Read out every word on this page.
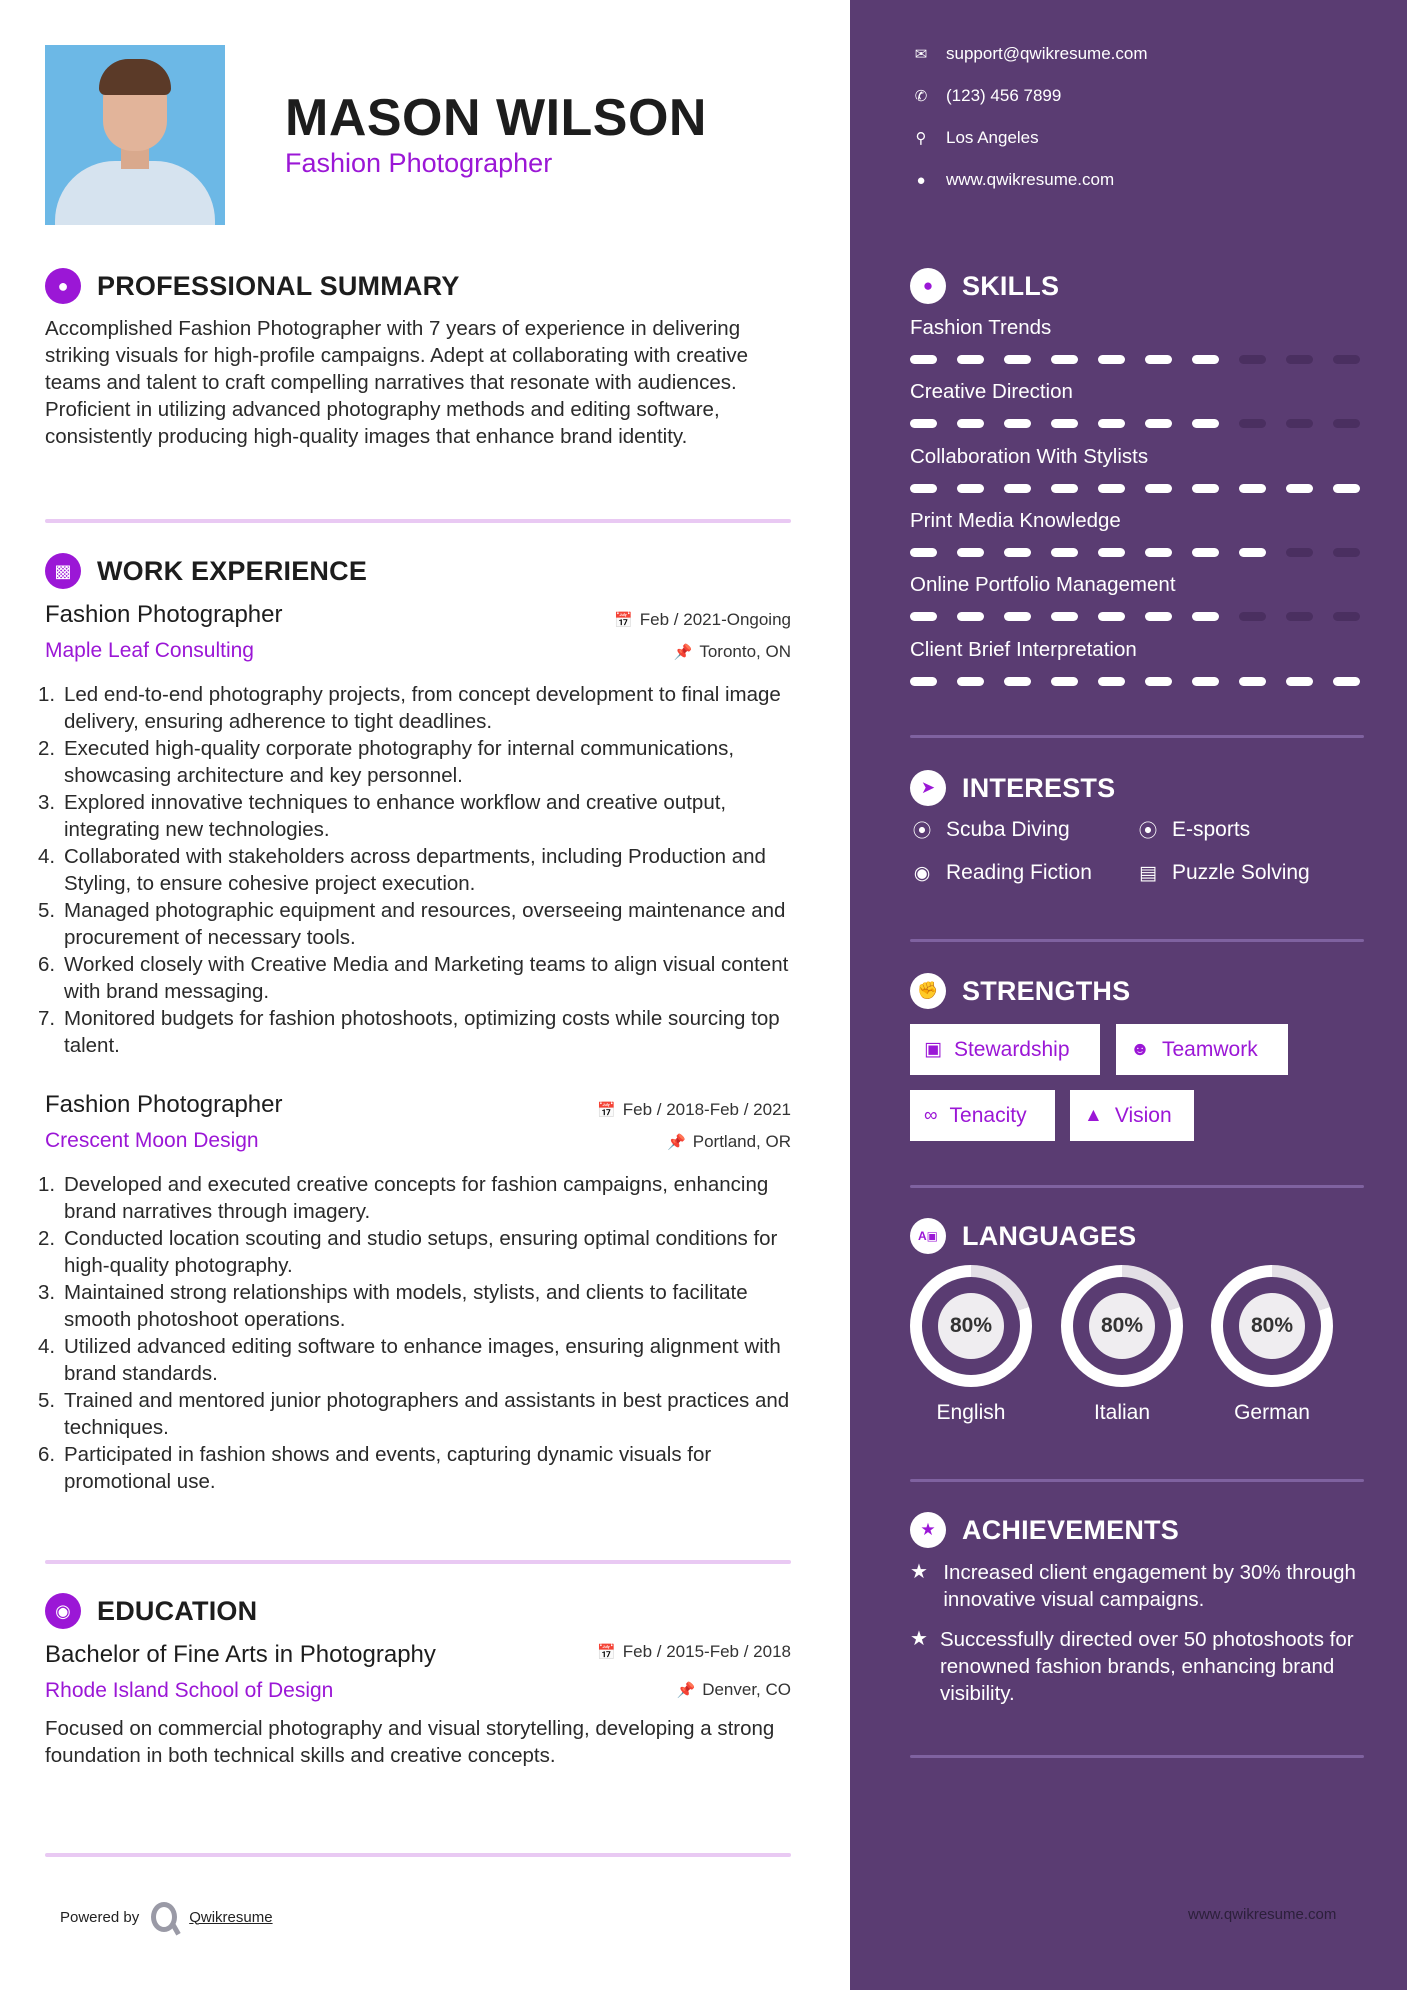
MASON WILSON
Fashion Photographer
●	PROFESSIONAL SUMMARY
Accomplished Fashion Photographer with 7 years of experience in delivering striking visuals for high-profile campaigns. Adept at collaborating with creative teams and talent to craft compelling narratives that resonate with audiences. Proficient in utilizing advanced photography methods and editing software, consistently producing high-quality images that enhance brand identity.
▩ WORK EXPERIENCE
Fashion Photographer	📅 Feb / 2021-Ongoing
Maple Leaf Consulting	📌 Toronto, ON
Led end-to-end photography projects, from concept development to final image delivery, ensuring adherence to tight deadlines.
Executed high-quality corporate photography for internal communications, showcasing architecture and key personnel.
Explored innovative techniques to enhance workflow and creative output, integrating new technologies.
Collaborated with stakeholders across departments, including Production and Styling, to ensure cohesive project execution.
Managed photographic equipment and resources, overseeing maintenance and procurement of necessary tools.
Worked closely with Creative Media and Marketing teams to align visual content with brand messaging.
Monitored budgets for fashion photoshoots, optimizing costs while sourcing top talent.
Fashion Photographer	📅 Feb / 2018-Feb / 2021
Crescent Moon Design	📌 Portland, OR
Developed and executed creative concepts for fashion campaigns, enhancing brand narratives through imagery.
Conducted location scouting and studio setups, ensuring optimal conditions for high-quality photography.
Maintained strong relationships with models, stylists, and clients to facilitate smooth photoshoot operations.
Utilized advanced editing software to enhance images, ensuring alignment with brand standards.
Trained and mentored junior photographers and assistants in best practices and techniques.
Participated in fashion shows and events, capturing dynamic visuals for promotional use.
◉ EDUCATION
Bachelor of Fine Arts in Photography	📅 Feb / 2015-Feb / 2018
Rhode Island School of Design	📌 Denver, CO
Focused on commercial photography and visual storytelling, developing a strong foundation in both technical skills and creative concepts.
Powered by	Qwikresume
✉ support@qwikresume.com
✆ (123) 456 7899
⚲	Los Angeles
●	www.qwikresume.com
●	SKILLS
Fashion Trends
Creative Direction
Collaboration With Stylists
Print Media Knowledge
Online Portfolio Management
Client Brief Interpretation
➤ INTERESTS
⦿ Scuba Diving	⦿ E-sports
◉ Reading Fiction ▤ Puzzle Solving
✊ STRENGTHS
▣ Stewardship	☻ Teamwork
∞ Tenacity	▲ Vision
A▣ LANGUAGES
80%
English
80%
Italian
80%
German
★ ACHIEVEMENTS
★ Increased client engagement by 30% through innovative visual campaigns.
★ Successfully directed over 50 photoshoots for renowned fashion brands, enhancing brand visibility.
www.qwikresume.com
